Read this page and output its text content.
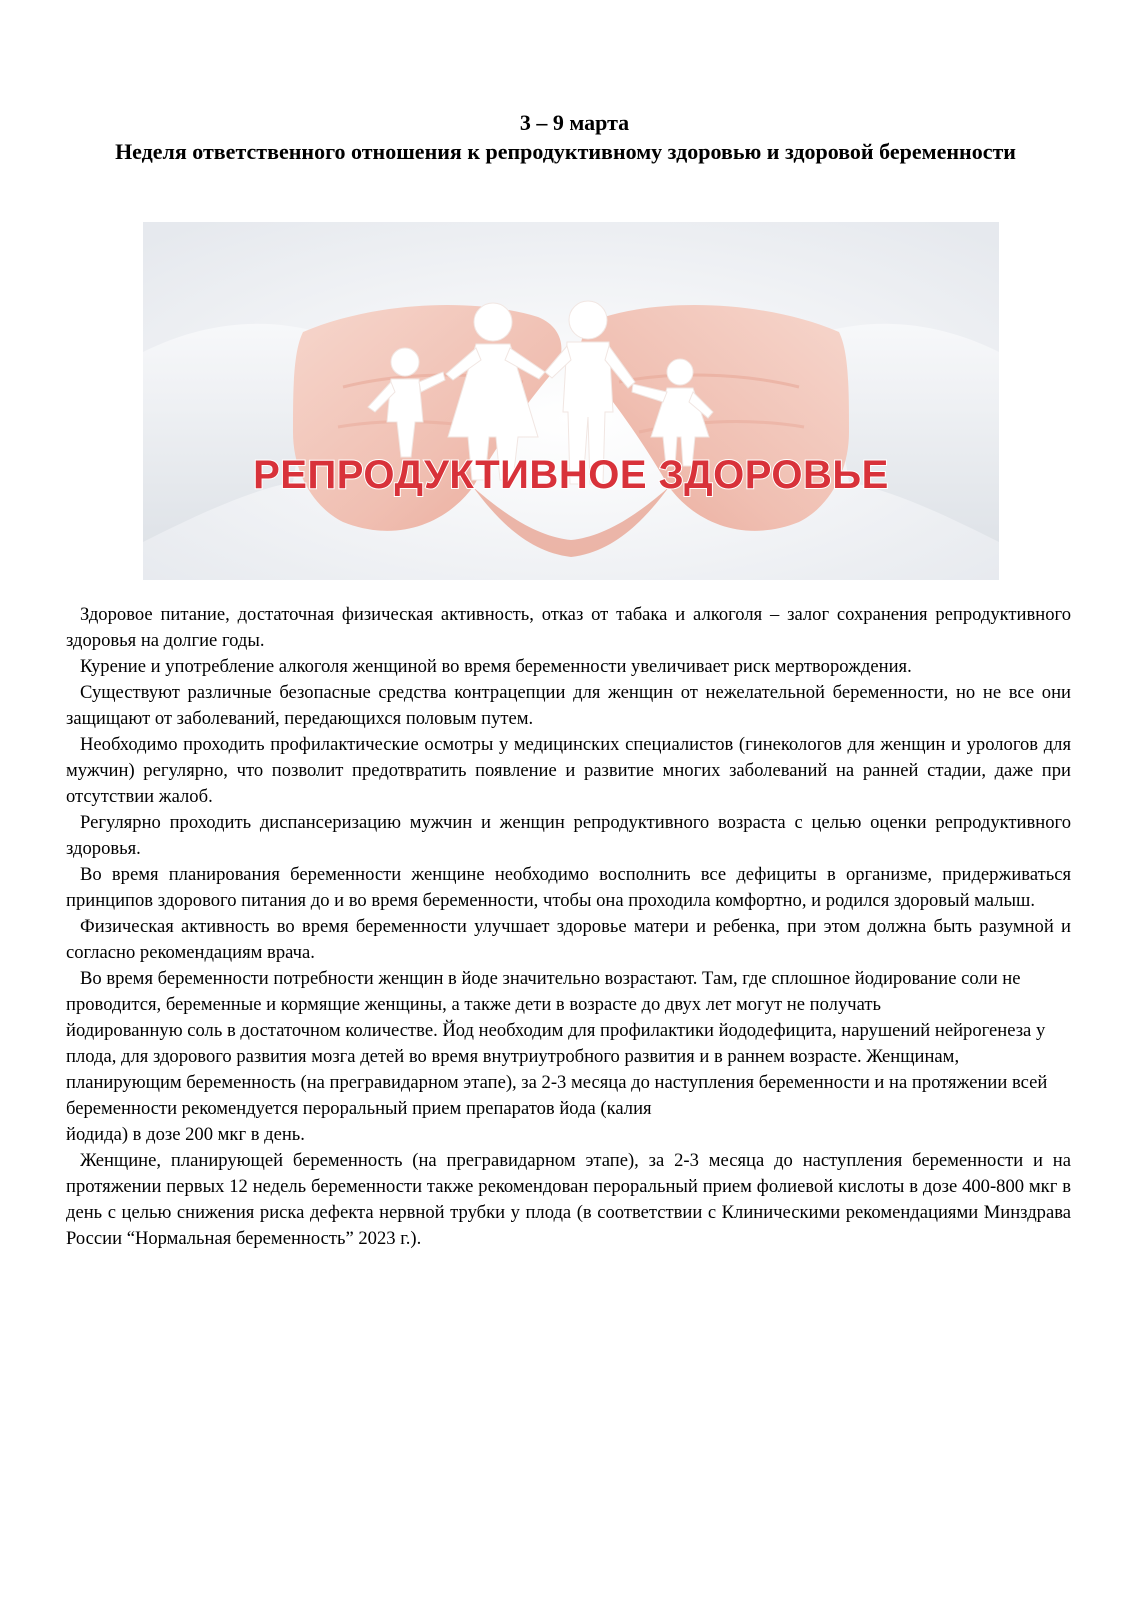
3 – 9 марта
Неделя ответственного отношения к репродуктивному здоровью и здоровой беременности
РЕПРОДУКТИВНОЕ ЗДОРОВЬЕ

Здоровое питание, достаточная физическая активность, отказ от табака и алкоголя – залог сохранения репродуктивного здоровья на долгие годы.

Курение и употребление алкоголя женщиной во время беременности увеличивает риск мертворождения.

Существуют различные безопасные средства контрацепции для женщин от нежелательной беременности, но не все они защищают от заболеваний, передающихся половым путем.

Необходимо проходить профилактические осмотры у медицинских специалистов (гинекологов для женщин и урологов для мужчин) регулярно, что позволит предотвратить появление и развитие многих заболеваний на ранней стадии, даже при отсутствии жалоб.

Регулярно проходить диспансеризацию мужчин и женщин репродуктивного возраста с целью оценки репродуктивного здоровья.

Во время планирования беременности женщине необходимо восполнить все дефициты в организме, придерживаться принципов здорового питания до и во время беременности, чтобы она проходила комфортно, и родился здоровый малыш.

Физическая активность во время беременности улучшает здоровье матери и ребенка, при этом должна быть разумной и согласно рекомендациям врача.

Во время беременности потребности женщин в йоде значительно возрастают. Там, где сплошное йодирование соли не проводится, беременные и кормящие женщины, а также дети в возрасте до двух лет могут не получать

йодированную соль в достаточном количестве. Йод необходим для профилактики йододефицита, нарушений нейрогенеза у плода, для здорового развития мозга детей во время внутриутробного развития и в раннем возрасте. Женщинам, планирующим беременность (на прегравидарном этапе), за 2-3 месяца до наступления беременности и на протяжении всей беременности рекомендуется пероральный прием препаратов йода (калия

йодида) в дозе 200 мкг в день.

Женщине, планирующей беременность (на прегравидарном этапе), за 2-3 месяца до наступления беременности и на протяжении первых 12 недель беременности также рекомендован пероральный прием фолиевой кислоты в дозе 400-800 мкг в день с целью снижения риска дефекта нервной трубки у плода (в соответствии с Клиническими рекомендациями Минздрава России “Нормальная беременность” 2023 г.).
